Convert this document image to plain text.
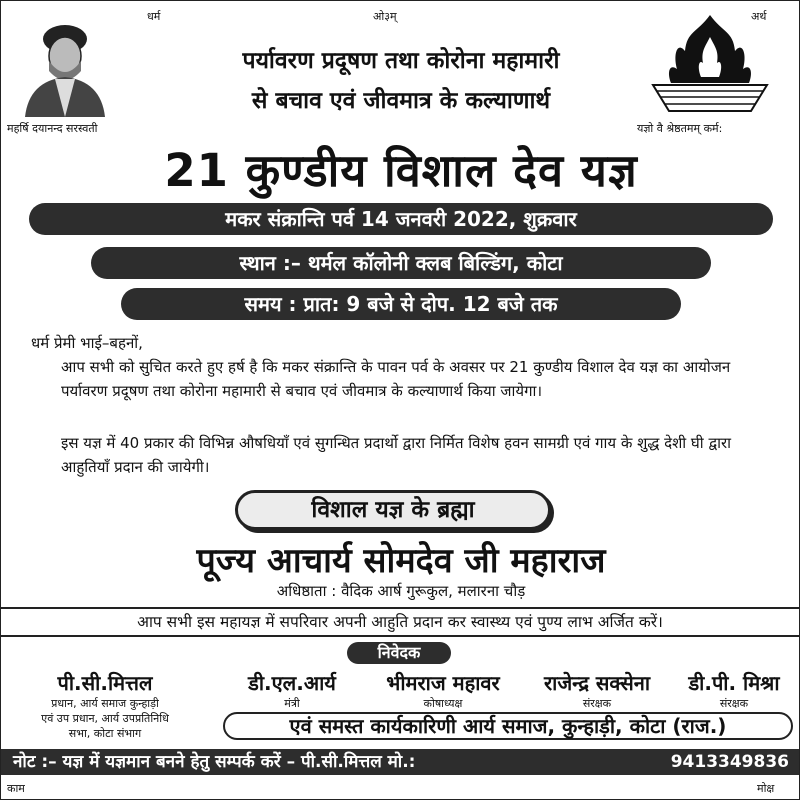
धर्म	ओ३म्	अर्थ
महर्षि दयानन्द सरस्वती
पर्यावरण प्रदूषण तथा कोरोना महामारी
से बचाव एवं जीवमात्र के कल्याणार्थ
यज्ञो वै श्रेष्ठतमम् कर्म:
21 कुण्डीय विशाल देव यज्ञ
मकर संक्रान्ति पर्व 14 जनवरी 2022, शुक्रवार
स्थान :– थर्मल कॉलोनी क्लब बिल्डिंग, कोटा
समय : प्रात: 9 बजे से दोप. 12 बजे तक
धर्म प्रेमी भाई–बहनों,
आप सभी को सुचित करते हुए हर्ष है कि मकर संक्रान्ति के पावन पर्व के अवसर पर 21 कुण्डीय विशाल देव यज्ञ का आयोजन पर्यावरण प्रदूषण तथा कोरोना महामारी से बचाव एवं जीवमात्र के कल्याणार्थ किया जायेगा।
इस यज्ञ में 40 प्रकार की विभिन्न औषधियाँ एवं सुगन्धित प्रदार्थो द्वारा निर्मित विशेष हवन सामग्री एवं गाय के शुद्ध देशी घी द्वारा आहुतियाँ प्रदान की जायेगी।
विशाल यज्ञ के ब्रह्मा
पूज्य आचार्य सोमदेव जी महाराज
अधिष्ठाता : वैदिक आर्ष गुरूकुल, मलारना चौड़
आप सभी इस महायज्ञ में सपरिवार अपनी आहुति प्रदान कर स्वास्थ्य एवं पुण्य लाभ अर्जित करें।
निवेदक
पी.सी.मित्तल
प्रधान, आर्य समाज कुन्हाड़ी
एवं उप प्रधान, आर्य उपप्रतिनिधि
सभा, कोटा संभाग
डी.एल.आर्य
मंत्री
भीमराज महावर
कोषाध्यक्ष
राजेन्द्र सक्सेना
संरक्षक
डी.पी. मिश्रा
संरक्षक
एवं समस्त कार्यकारिणी आर्य समाज, कुन्हाड़ी, कोटा (राज.)
नोट :– यज्ञ में यज्ञमान बनने हेतु सम्पर्क करें – पी.सी.मित्तल मो.:	9413349836
काम	मोक्ष
